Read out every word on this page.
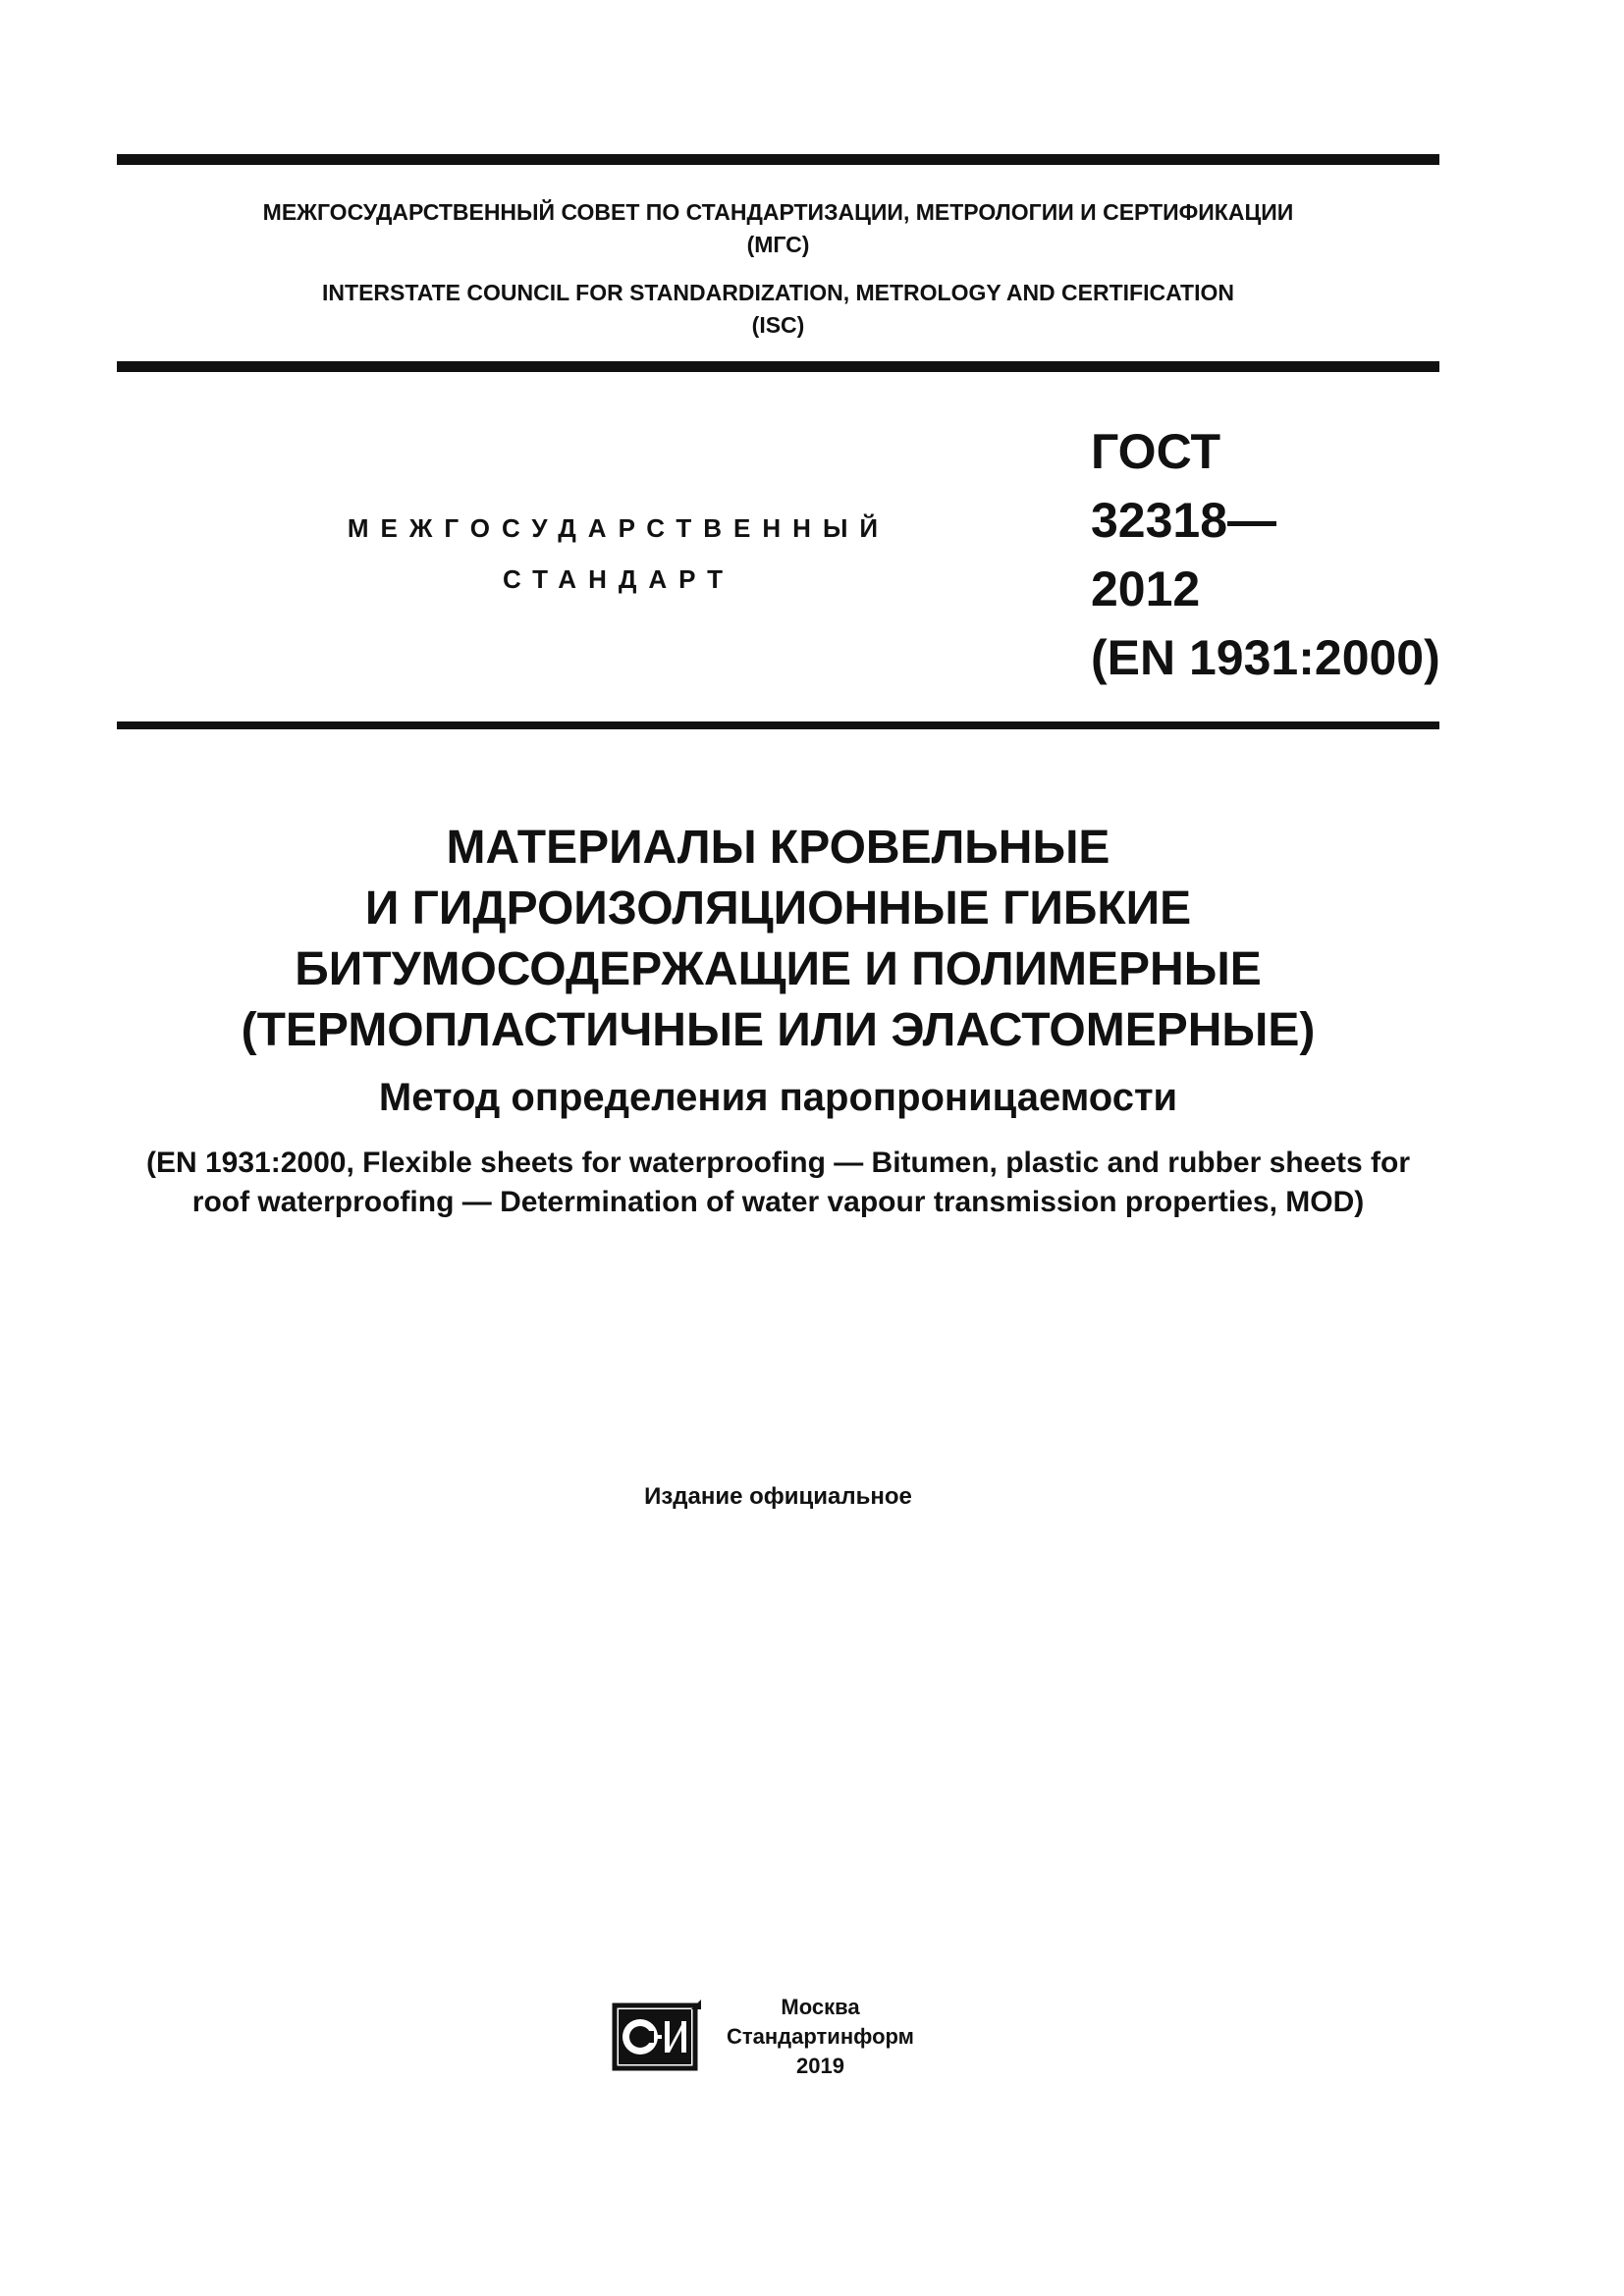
МЕЖГОСУДАРСТВЕННЫЙ СОВЕТ ПО СТАНДАРТИЗАЦИИ, МЕТРОЛОГИИ И СЕРТИФИКАЦИИ
(МГС)
INTERSTATE COUNCIL FOR STANDARDIZATION, METROLOGY AND CERTIFICATION
(ISC)
МЕЖГОСУДАРСТВЕННЫЙ
СТАНДАРТ
ГОСТ
32318—
2012
(EN 1931:2000)
МАТЕРИАЛЫ КРОВЕЛЬНЫЕ
И ГИДРОИЗОЛЯЦИОННЫЕ ГИБКИЕ
БИТУМОСОДЕРЖАЩИЕ И ПОЛИМЕРНЫЕ
(ТЕРМОПЛАСТИЧНЫЕ ИЛИ ЭЛАСТОМЕРНЫЕ)
Метод определения паропроницаемости
(EN 1931:2000, Flexible sheets for waterproofing — Bitumen, plastic and rubber sheets for roof waterproofing — Determination of water vapour transmission properties, MOD)
Издание официальное
Москва
Стандартинформ
2019
